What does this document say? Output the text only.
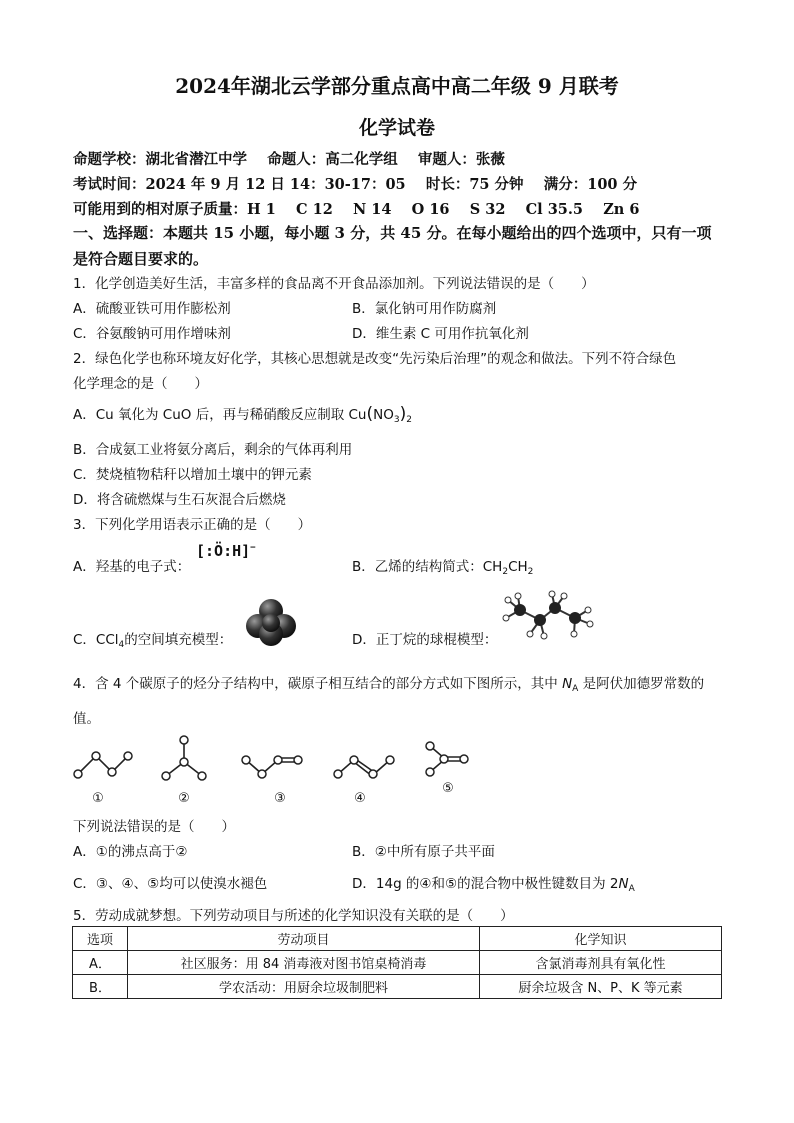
2024年湖北云学部分重点高中高二年级 9 月联考
化学试卷
命题学校：湖北省潜江中学    命题人：高二化学组    审题人：张薇
考试时间：2024 年 9 月 12 日 14：30-17：05    时长：75 分钟    满分：100 分
可能用到的相对原子质量：H 1    C 12    N 14    O 16    S 32    Cl 35.5    Zn 6
一、选择题：本题共 15 小题，每小题 3 分，共 45 分。在每小题给出的四个选项中，只有一项是符合题目要求的。
1．化学创造美好生活，丰富多样的食品离不开食品添加剂。下列说法错误的是（　　）
A．硫酸亚铁可用作膨松剂	B．氯化钠可用作防腐剂
C．谷氨酸钠可用作增味剂	D．维生素 C 可用作抗氧化剂
2．绿色化学也称环境友好化学，其核心思想就是改变“先污染后治理”的观念和做法。下列不符合绿色
化学理念的是（　　）
A．Cu 氧化为 CuO 后，再与稀硝酸反应制取 $Cu(NO_3)_2$
B．合成氨工业将氨分离后，剩余的气体再利用
C．焚烧植物秸秆以增加土壤中的钾元素
D．将含硫燃煤与生石灰混合后燃烧
3．下列化学用语表示正确的是（　　）
A．羟基的电子式：
[:Ö:H]−
B．乙烯的结构简式：$CH_2CH_2$
C．CCl$_4$的空间填充模型：	D．正丁烷的球棍模型：
4．含 4 个碳原子的烃分子结构中，碳原子相互结合的部分方式如下图所示，其中 $N_A$ 是阿伏加德罗常数的
值。
①	②	③	④
⑤
下列说法错误的是（　　）
A．①的沸点高于②	B．②中所有原子共平面
C．③、④、⑤均可以使溴水褪色	D．14g 的④和⑤的混合物中极性键数目为 $2N_A$
5．劳动成就梦想。下列劳动项目与所述的化学知识没有关联的是（　　）
选项	劳动项目	化学知识
A．	社区服务：用 84 消毒液对图书馆桌椅消毒	含氯消毒剂具有氧化性
B．	学农活动：用厨余垃圾制肥料	厨余垃圾含 N、P、K 等元素
